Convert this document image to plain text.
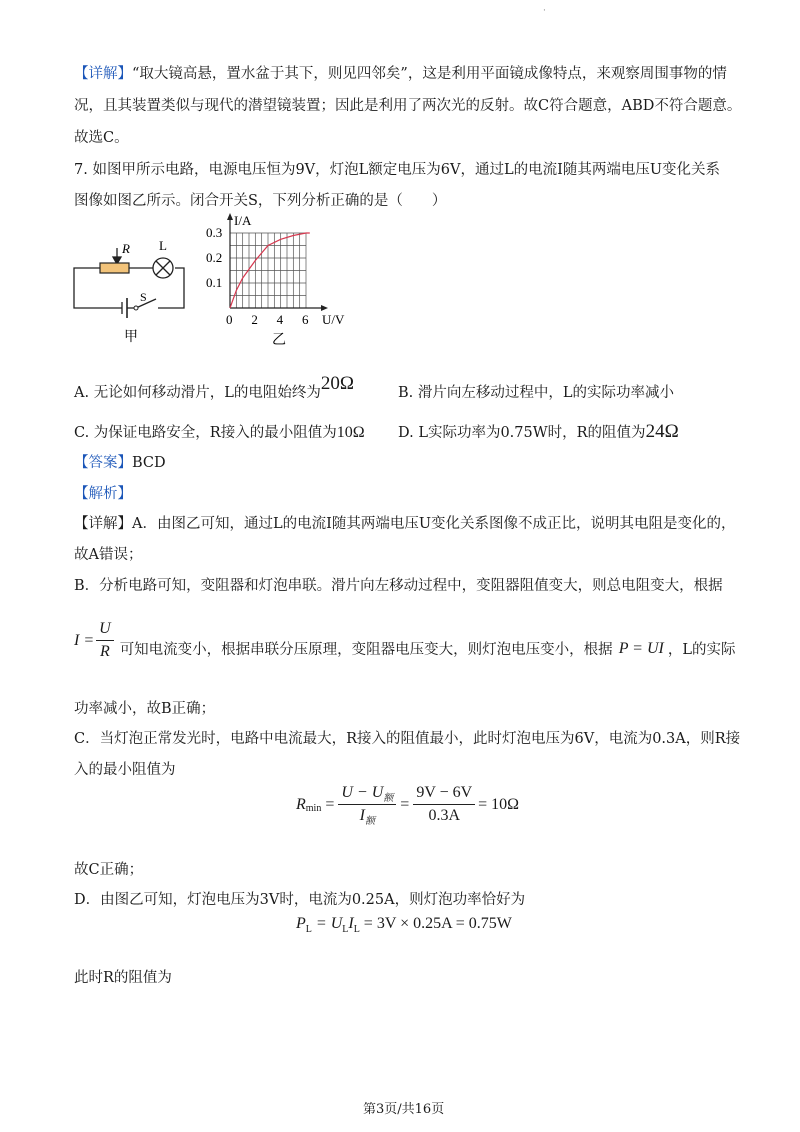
·
【详解】“取大镜高悬，置水盆于其下，则见四邻矣”，这是利用平面镜成像特点，来观察周围事物的情
况，且其装置类似与现代的潜望镜装置；因此是利用了两次光的反射。故C符合题意，ABD不符合题意。
故选C。
7. 如图甲所示电路，电源电压恒为9V，灯泡L额定电压为6V，通过L的电流I随其两端电压U变化关系
图像如图乙所示。闭合开关S，下列分析正确的是（　　）
R L
S
甲
0 2 4 6
0.1
0.2
0.3
I/A
U/V
乙
A. 无论如何移动滑片，L的电阻始终为20Ω	B. 滑片向左移动过程中，L的实际功率减小
C. 为保证电路安全，R接入的最小阻值为10Ω D. L实际功率为0.75W时，R的阻值为24Ω
【答案】BCD
【解析】
【详解】A．由图乙可知，通过L的电流I随其两端电压U变化关系图像不成正比，说明其电阻是变化的，
故A错误；
B．分析电路可知，变阻器和灯泡串联。滑片向左移动过程中，变阻器阻值变大，则总电阻变大，根据
$I = \frac{U}{R}$ 可知电流变小，根据串联分压原理，变阻器电压变大，则灯泡电压变小，根据 P = UI ，L的实际
功率减小，故B正确；
C．当灯泡正常发光时，电路中电流最大，R接入的阻值最小，此时灯泡电压为6V，电流为0.3A，则R接
入的最小阻值为
R $\min = \frac{U - U_额}{I_额} = \frac{9V - 6V}{0.3A} = 10\Omega$
故C正确；
D．由图乙可知，灯泡电压为3V时，电流为0.25A，则灯泡功率恰好为
$P_L = U_LI_L = 3V \times 0.25A = 0.75W$
此时R的阻值为
第3页/共16页
